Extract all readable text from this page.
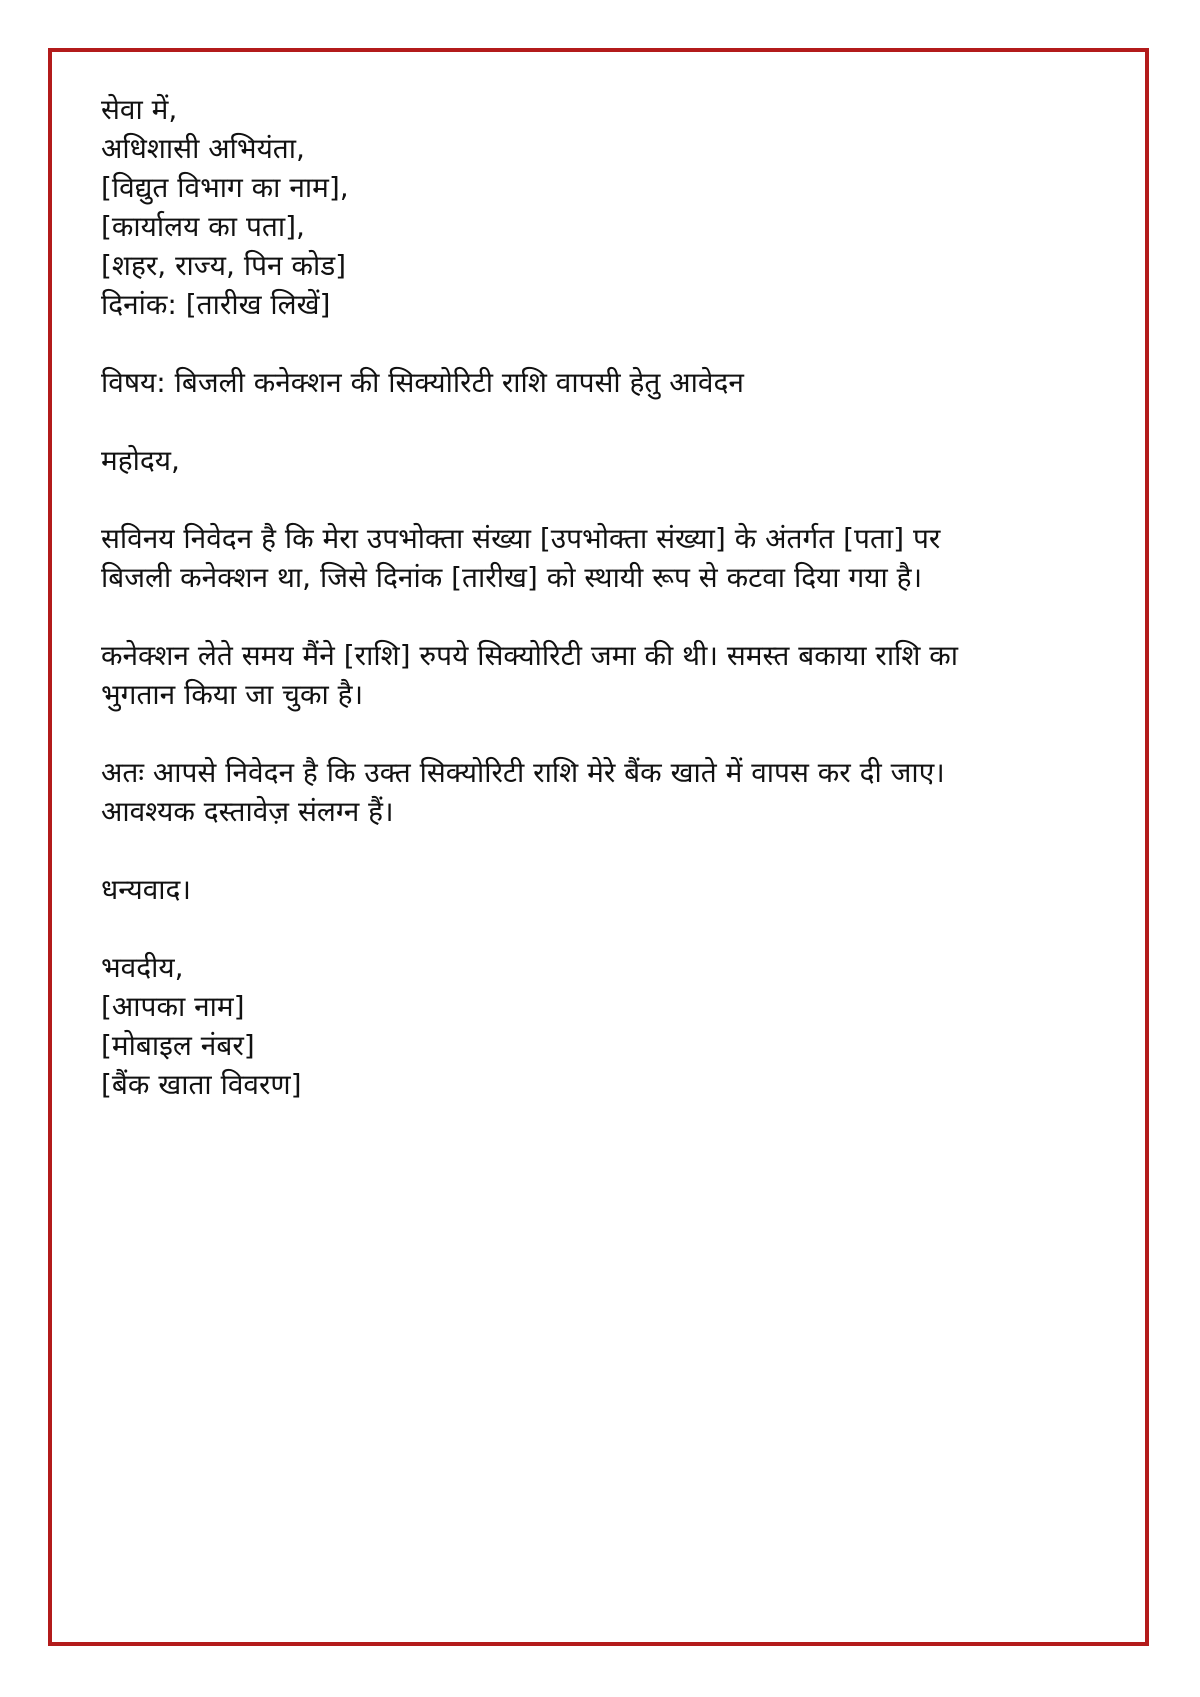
सेवा में,
अधिशासी अभियंता,
[विद्युत विभाग का नाम],
[कार्यालय का पता],
[शहर, राज्य, पिन कोड]
दिनांक: [तारीख लिखें]
विषय: बिजली कनेक्शन की सिक्योरिटी राशि वापसी हेतु आवेदन
महोदय,
सविनय निवेदन है कि मेरा उपभोक्ता संख्या [उपभोक्ता संख्या] के अंतर्गत [पता] पर
बिजली कनेक्शन था, जिसे दिनांक [तारीख] को स्थायी रूप से कटवा दिया गया है।
कनेक्शन लेते समय मैंने [राशि] रुपये सिक्योरिटी जमा की थी। समस्त बकाया राशि का
भुगतान किया जा चुका है।
अतः आपसे निवेदन है कि उक्त सिक्योरिटी राशि मेरे बैंक खाते में वापस कर दी जाए।
आवश्यक दस्तावेज़ संलग्न हैं।
धन्यवाद।
भवदीय,
[आपका नाम]
[मोबाइल नंबर]
[बैंक खाता विवरण]
